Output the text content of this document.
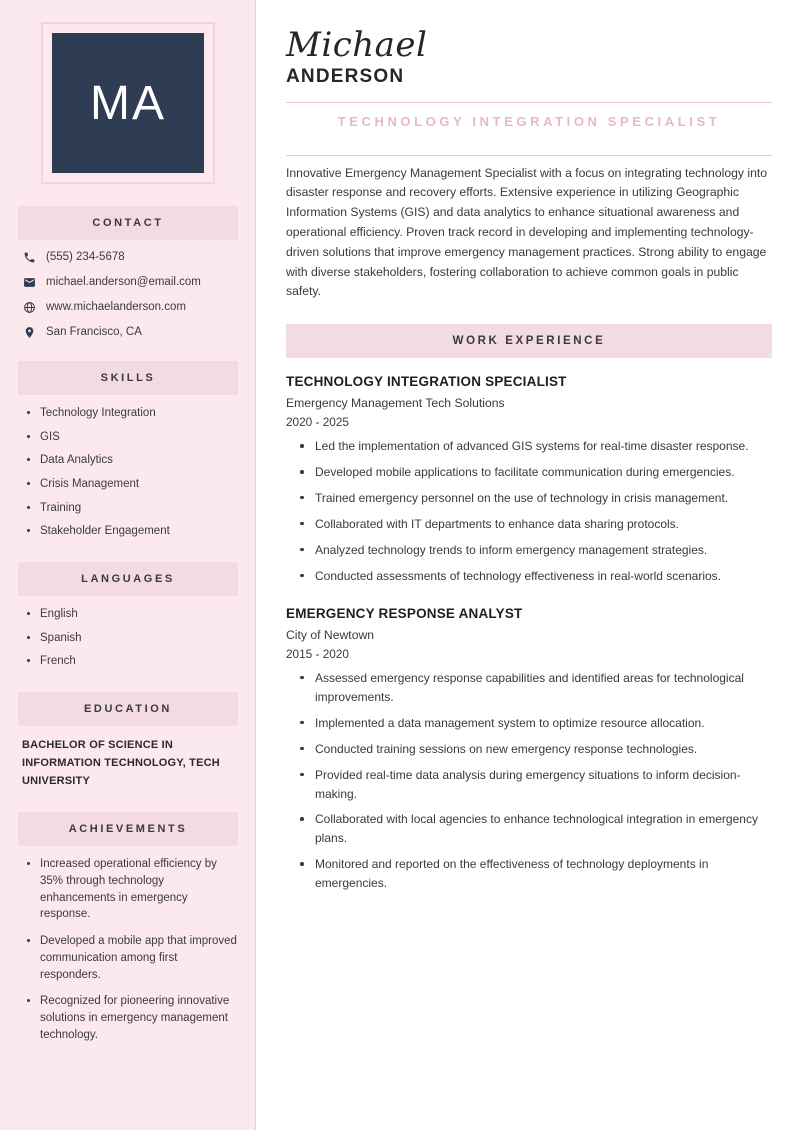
MA
CONTACT
(555) 234-5678
michael.anderson@email.com
www.michaelanderson.com
San Francisco, CA
SKILLS
Technology Integration
GIS
Data Analytics
Crisis Management
Training
Stakeholder Engagement
LANGUAGES
English
Spanish
French
EDUCATION
BACHELOR OF SCIENCE IN INFORMATION TECHNOLOGY, TECH UNIVERSITY
ACHIEVEMENTS
Increased operational efficiency by 35% through technology enhancements in emergency response.
Developed a mobile app that improved communication among first responders.
Recognized for pioneering innovative solutions in emergency management technology.
Michael
ANDERSON
TECHNOLOGY INTEGRATION SPECIALIST

Innovative Emergency Management Specialist with a focus on integrating technology into disaster response and recovery efforts. Extensive experience in utilizing Geographic Information Systems (GIS) and data analytics to enhance situational awareness and operational efficiency. Proven track record in developing and implementing technology-driven solutions that improve emergency management practices. Strong ability to engage with diverse stakeholders, fostering collaboration to achieve common goals in public safety.

WORK EXPERIENCE
TECHNOLOGY INTEGRATION SPECIALIST
Emergency Management Tech Solutions
2020 - 2025
Led the implementation of advanced GIS systems for real-time disaster response.
Developed mobile applications to facilitate communication during emergencies.
Trained emergency personnel on the use of technology in crisis management.
Collaborated with IT departments to enhance data sharing protocols.
Analyzed technology trends to inform emergency management strategies.
Conducted assessments of technology effectiveness in real-world scenarios.
EMERGENCY RESPONSE ANALYST
City of Newtown
2015 - 2020
Assessed emergency response capabilities and identified areas for technological improvements.
Implemented a data management system to optimize resource allocation.
Conducted training sessions on new emergency response technologies.
Provided real-time data analysis during emergency situations to inform decision-making.
Collaborated with local agencies to enhance technological integration in emergency plans.
Monitored and reported on the effectiveness of technology deployments in emergencies.
